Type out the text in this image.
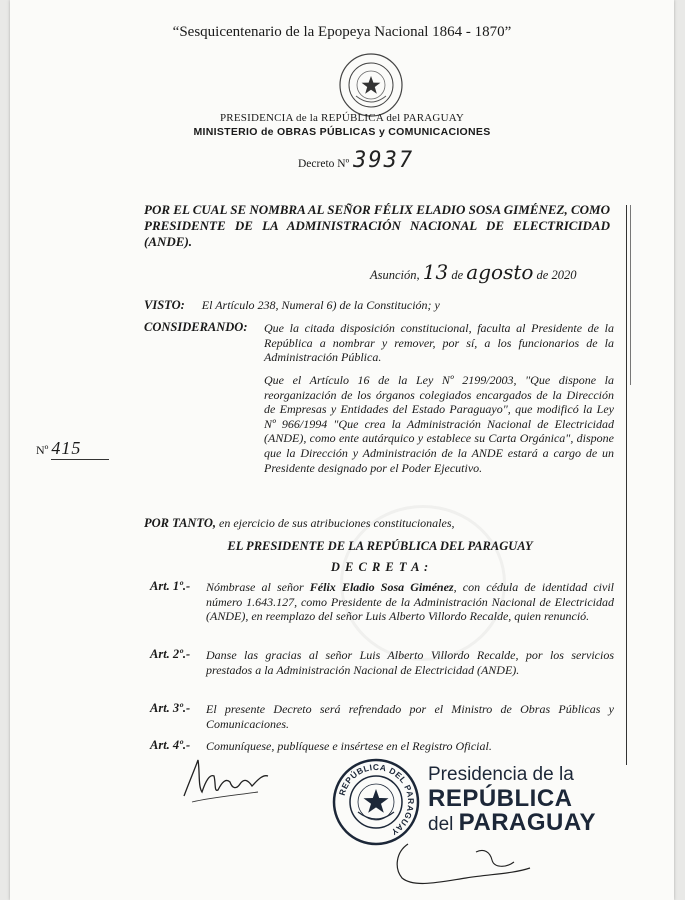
“Sesquicentenario de la Epopeya Nacional 1864 - 1870”
PRESIDENCIA de la REPÚBLICA del PARAGUAY
MINISTERIO de OBRAS PÚBLICAS y COMUNICACIONES
Decreto Nº 3937
POR EL CUAL SE NOMBRA AL SEÑOR FÉLIX ELADIO SOSA GIMÉNEZ, COMO PRESIDENTE DE LA ADMINISTRACIÓN NACIONAL DE ELECTRICIDAD (ANDE).
Asunción, 13 de agosto de 2020
VISTO: El Artículo 238, Numeral 6) de la Constitución; y
CONSIDERANDO: Que la citada disposición constitucional, faculta al Presidente de la República a nombrar y remover, por sí, a los funcionarios de la Administración Pública.
Que el Artículo 16 de la Ley Nº 2199/2003, "Que dispone la reorganización de los órganos colegiados encargados de la Dirección de Empresas y Entidades del Estado Paraguayo", que modificó la Ley Nº 966/1994 "Que crea la Administración Nacional de Electricidad (ANDE), como ente autárquico y establece su Carta Orgánica", dispone que la Dirección y Administración de la ANDE estará a cargo de un Presidente designado por el Poder Ejecutivo.
Nº 415
POR TANTO, en ejercicio de sus atribuciones constitucionales,
EL PRESIDENTE DE LA REPÚBLICA DEL PARAGUAY
D E C R E T A :
Art. 1º.- Nómbrase al señor Félix Eladio Sosa Giménez, con cédula de identidad civil número 1.643.127, como Presidente de la Administración Nacional de Electricidad (ANDE), en reemplazo del señor Luis Alberto Villordo Recalde, quien renunció.
Art. 2º.- Danse las gracias al señor Luis Alberto Villordo Recalde, por los servicios prestados a la Administración Nacional de Electricidad (ANDE).
Art. 3º.- El presente Decreto será refrendado por el Ministro de Obras Públicas y Comunicaciones.
Art. 4º.- Comuníquese, publíquese e insértese en el Registro Oficial.
REPÚBLICA DEL PARAGUAY
Presidencia de la
REPÚBLICA
del PARAGUAY
